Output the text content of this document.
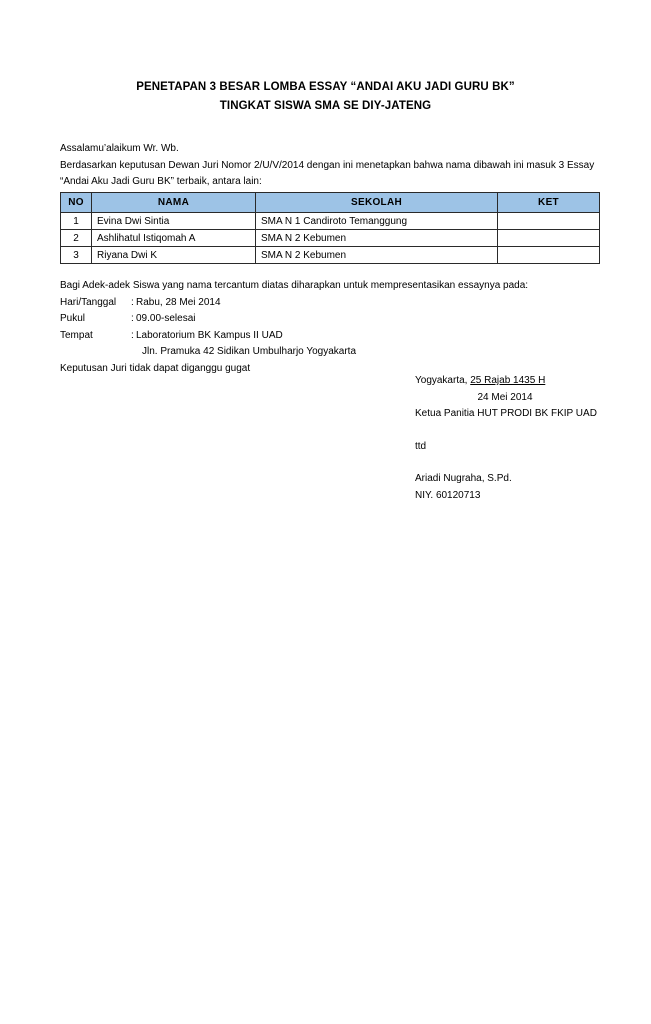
PENETAPAN 3 BESAR LOMBA ESSAY “ANDAI AKU JADI GURU BK”
TINGKAT SISWA SMA SE DIY-JATENG

Assalamu’alaikum Wr. Wb.

Berdasarkan keputusan Dewan Juri Nomor 2/U/V/2014 dengan ini menetapkan bahwa nama dibawah ini masuk 3 Essay

“Andai Aku Jadi Guru BK” terbaik, antara lain:

NO	NAMA	SEKOLAH	KET
1	Evina Dwi Sintia	SMA N 1 Candiroto Temanggung	
2	Ashlihatul Istiqomah A	SMA N 2 Kebumen	
3	Riyana Dwi K	SMA N 2 Kebumen	

Bagi Adek-adek Siswa yang nama tercantum diatas diharapkan untuk mempresentasikan essaynya pada:

Hari/Tanggal	: Rabu, 28 Mei 2014
Pukul	: 09.00-selesai
Tempat	: Laboratorium BK Kampus II UAD
Jln. Pramuka 42 Sidikan Umbulharjo Yogyakarta

Keputusan Juri tidak dapat diganggu gugat

Yogyakarta, 25 Rajab 1435 H
24 Mei 2014
Ketua Panitia HUT PRODI BK FKIP UAD
ttd
Ariadi Nugraha, S.Pd.
NIY. 60120713
